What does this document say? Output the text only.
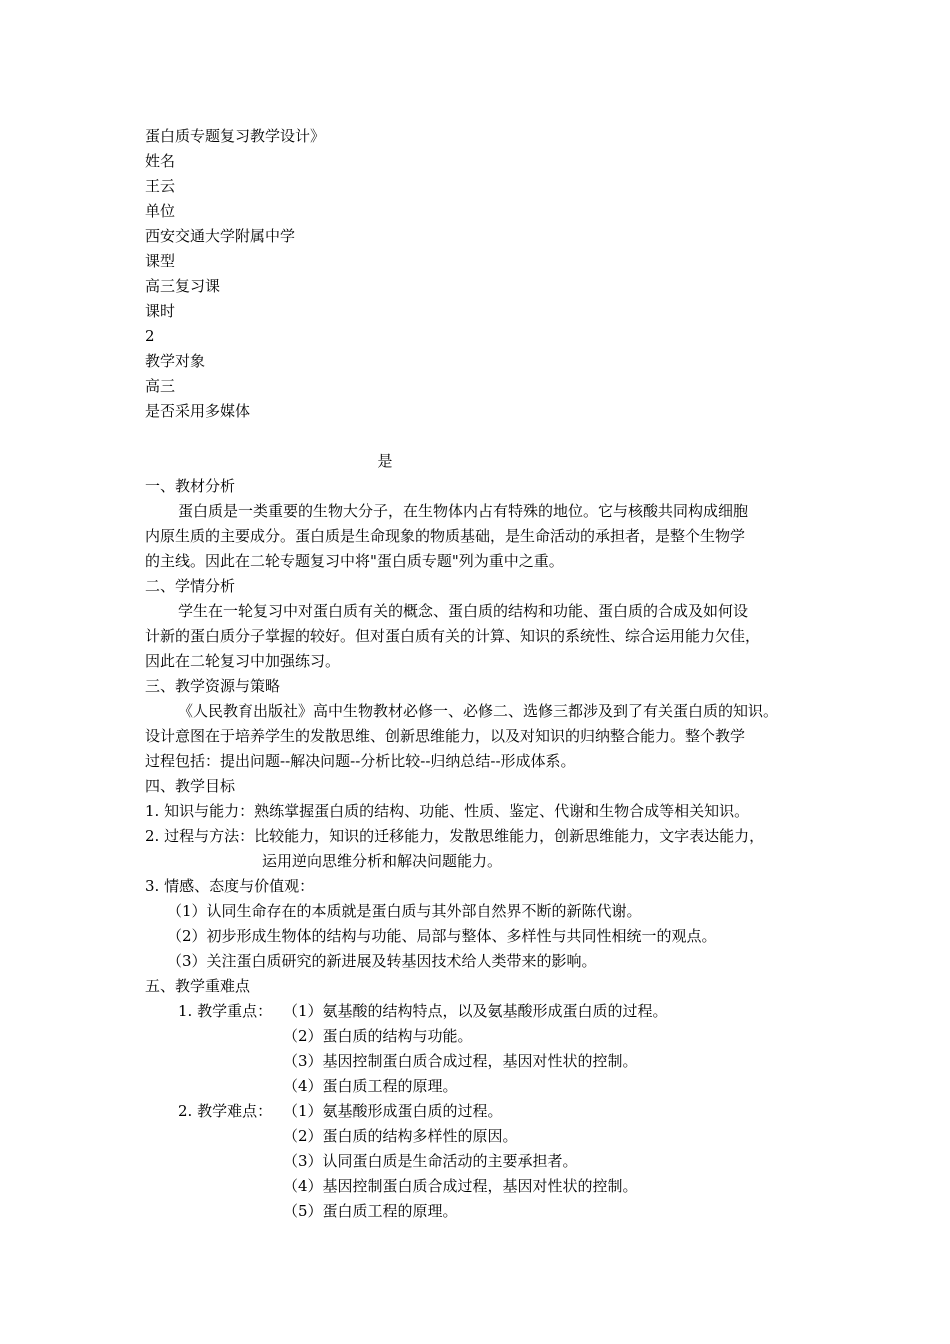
蛋白质专题复习教学设计》
姓名
王云
单位
西安交通大学附属中学
课型
高三复习课
课时
2
教学对象
高三
是否采用多媒体
是
一、教材分析
蛋白质是一类重要的生物大分子，在生物体内占有特殊的地位。它与核酸共同构成细胞
内原生质的主要成分。蛋白质是生命现象的物质基础，是生命活动的承担者，是整个生物学
的主线。因此在二轮专题复习中将"蛋白质专题"列为重中之重。
二、学情分析
学生在一轮复习中对蛋白质有关的概念、蛋白质的结构和功能、蛋白质的合成及如何设
计新的蛋白质分子掌握的较好。但对蛋白质有关的计算、知识的系统性、综合运用能力欠佳，
因此在二轮复习中加强练习。
三、教学资源与策略
《人民教育出版社》高中生物教材必修一、必修二、选修三都涉及到了有关蛋白质的知识。
设计意图在于培养学生的发散思维、创新思维能力，以及对知识的归纳整合能力。整个教学
过程包括：提出问题--解决问题--分析比较--归纳总结--形成体系。
四、教学目标
1. 知识与能力：熟练掌握蛋白质的结构、功能、性质、鉴定、代谢和生物合成等相关知识。
2. 过程与方法：比较能力，知识的迁移能力，发散思维能力，创新思维能力，文字表达能力，
运用逆向思维分析和解决问题能力。
3. 情感、态度与价值观：
（1）认同生命存在的本质就是蛋白质与其外部自然界不断的新陈代谢。
（2）初步形成生物体的结构与功能、局部与整体、多样性与共同性相统一的观点。
（3）关注蛋白质研究的新进展及转基因技术给人类带来的影响。
五、教学重难点
1. 教学重点： （1）氨基酸的结构特点，以及氨基酸形成蛋白质的过程。
（2）蛋白质的结构与功能。
（3）基因控制蛋白质合成过程，基因对性状的控制。
（4）蛋白质工程的原理。
2. 教学难点： （1）氨基酸形成蛋白质的过程。
（2）蛋白质的结构多样性的原因。
（3）认同蛋白质是生命活动的主要承担者。
（4）基因控制蛋白质合成过程，基因对性状的控制。
（5）蛋白质工程的原理。
